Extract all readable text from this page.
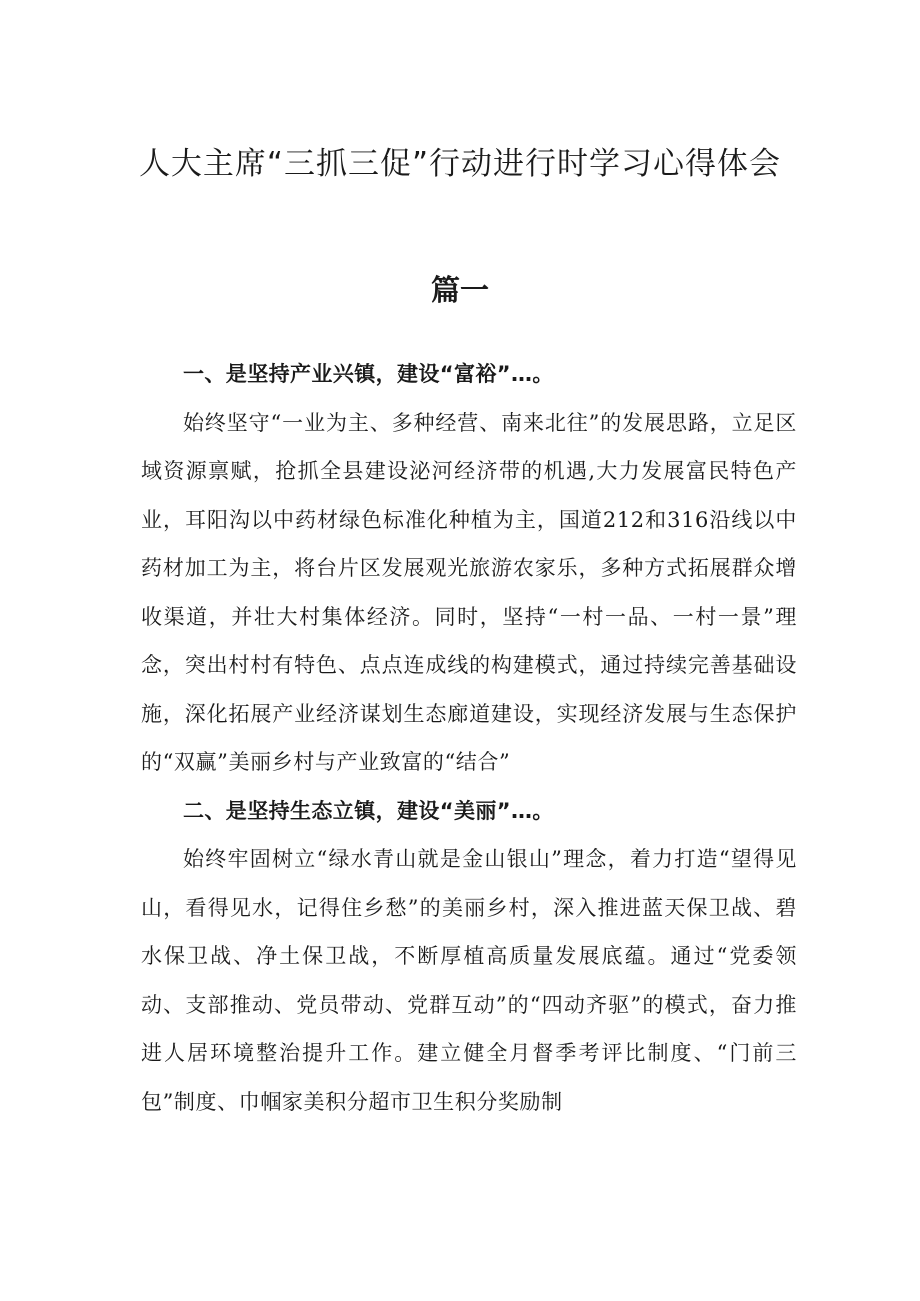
人大主席“三抓三促”行动进行时学习心得体会
篇一

一、是坚持产业兴镇，建设“富裕”…。

始终坚守“一业为主、多种经营、南来北往”的发展思路，立足区域资源禀赋，抢抓全县建设泌河经济带的机遇,大力发展富民特色产业，耳阳沟以中药材绿色标准化种植为主，国道212和316沿线以中药材加工为主，将台片区发展观光旅游农家乐，多种方式拓展群众增收渠道，并壮大村集体经济。同时，坚持“一村一品、一村一景”理念，突出村村有特色、点点连成线的构建模式，通过持续完善基础设施，深化拓展产业经济谋划生态廊道建设，实现经济发展与生态保护的“双赢”美丽乡村与产业致富的“结合”

二、是坚持生态立镇，建设“美丽”…。

始终牢固树立“绿水青山就是金山银山”理念，着力打造“望得见山，看得见水，记得住乡愁”的美丽乡村，深入推进蓝天保卫战、碧水保卫战、净土保卫战，不断厚植高质量发展底蕴。通过“党委领动、支部推动、党员带动、党群互动”的“四动齐驱”的模式，奋力推进人居环境整治提升工作。建立健全月督季考评比制度、“门前三包”制度、巾帼家美积分超市卫生积分奖励制
